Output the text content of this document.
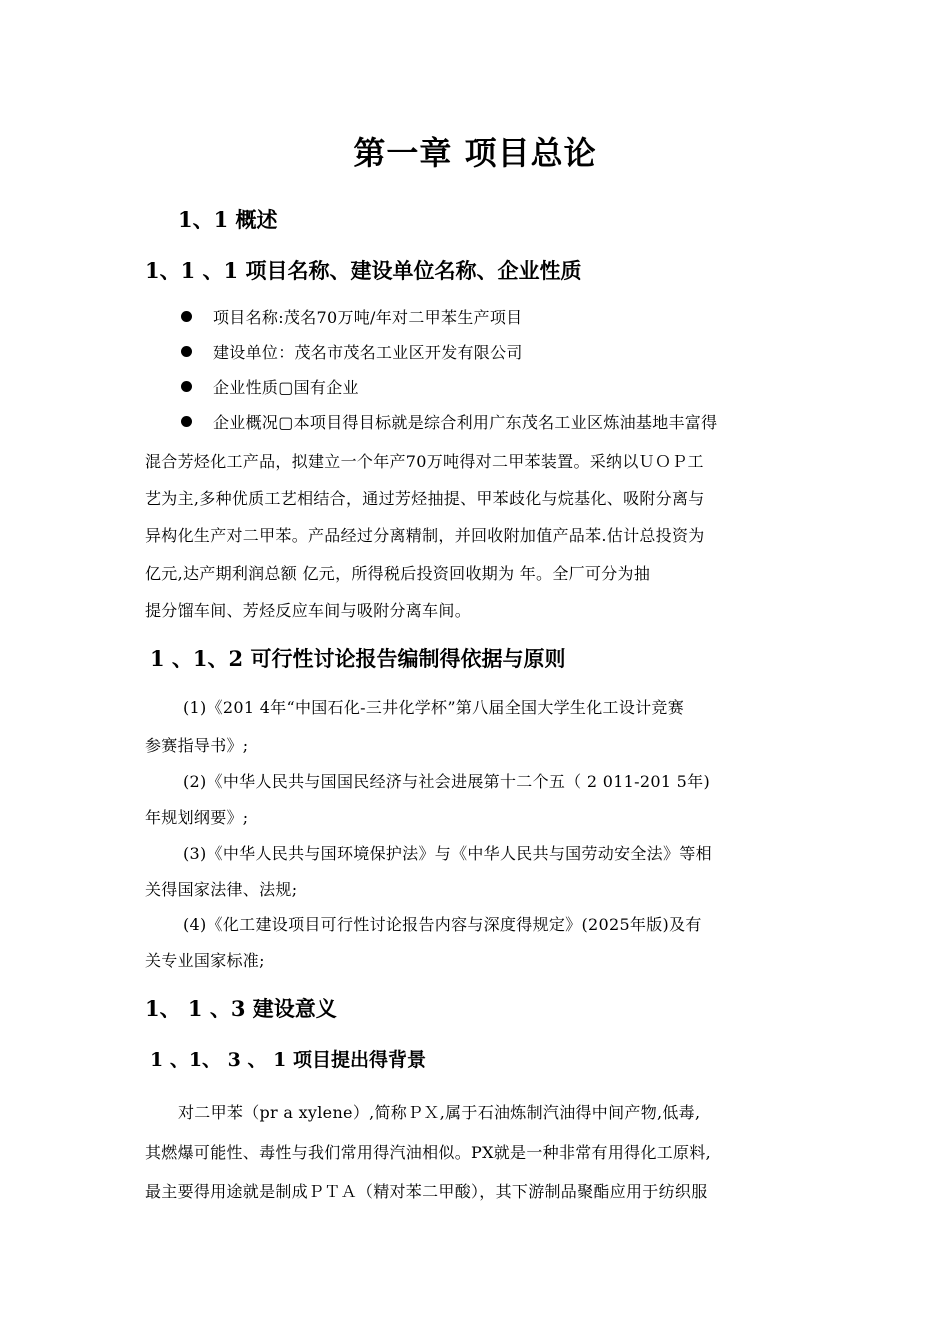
第一章 项目总论
1、1 概述
1、1 、1 项目名称、建设单位名称、企业性质
项目名称:茂名70万吨/年对二甲苯生产项目
建设单位：茂名市茂名工业区开发有限公司
企业性质▢国有企业
企业概况▢本项目得目标就是综合利用广东茂名工业区炼油基地丰富得
混合芳烃化工产品，拟建立一个年产70万吨得对二甲苯装置。采纳以ＵＯＰ工
艺为主,多种优质工艺相结合，通过芳烃抽提、甲苯歧化与烷基化、吸附分离与
异构化生产对二甲苯。产品经过分离精制，并回收附加值产品苯.估计总投资为
亿元,达产期利润总额 亿元，所得税后投资回收期为 年。全厂可分为抽
提分馏车间、芳烃反应车间与吸附分离车间。
1 、1、2 可行性讨论报告编制得依据与原则
(1)《201 4年“中国石化-三井化学杯”第八届全国大学生化工设计竞赛
参赛指导书》;
(2)《中华人民共与国国民经济与社会进展第十二个五（ 2 011-201 5年)
年规划纲要》;
(3)《中华人民共与国环境保护法》与《中华人民共与国劳动安全法》等相
关得国家法律、法规;
(4)《化工建设项目可行性讨论报告内容与深度得规定》(2025年版)及有
关专业国家标准;
1、 1 、3 建设意义
1 、1、 3 、 1 项目提出得背景
对二甲苯（pr a xylene）,简称ＰＸ,属于石油炼制汽油得中间产物,低毒,
其燃爆可能性、毒性与我们常用得汽油相似。PX就是一种非常有用得化工原料,
最主要得用途就是制成ＰＴＡ（精对苯二甲酸），其下游制品聚酯应用于纺织服
